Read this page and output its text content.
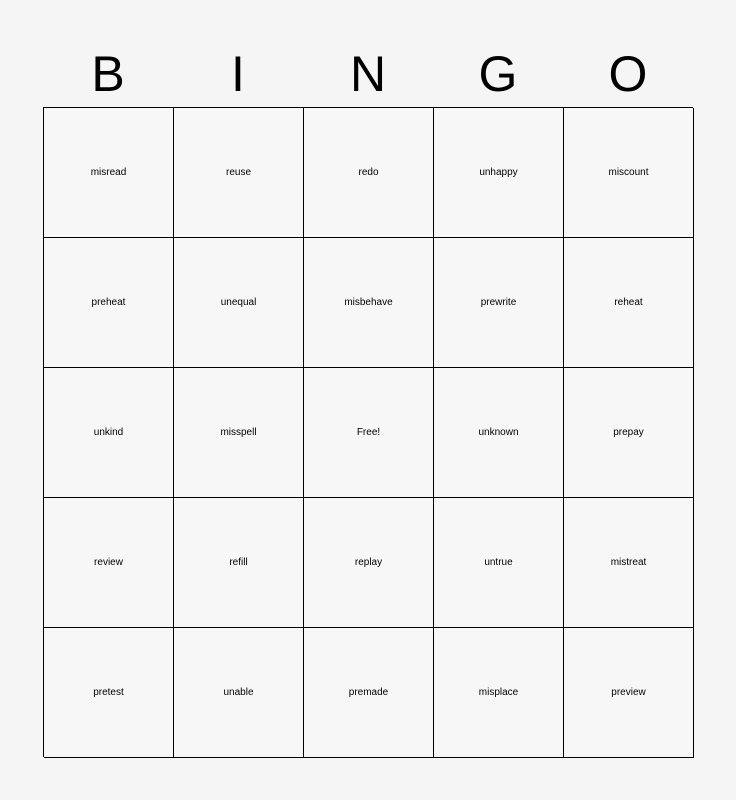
B	I	N	G	O
misread	reuse	redo	unhappy	miscount
preheat	unequal	misbehave	prewrite	reheat
unkind	misspell	Free!	unknown	prepay
review	refill	replay	untrue	mistreat
pretest	unable	premade	misplace	preview
